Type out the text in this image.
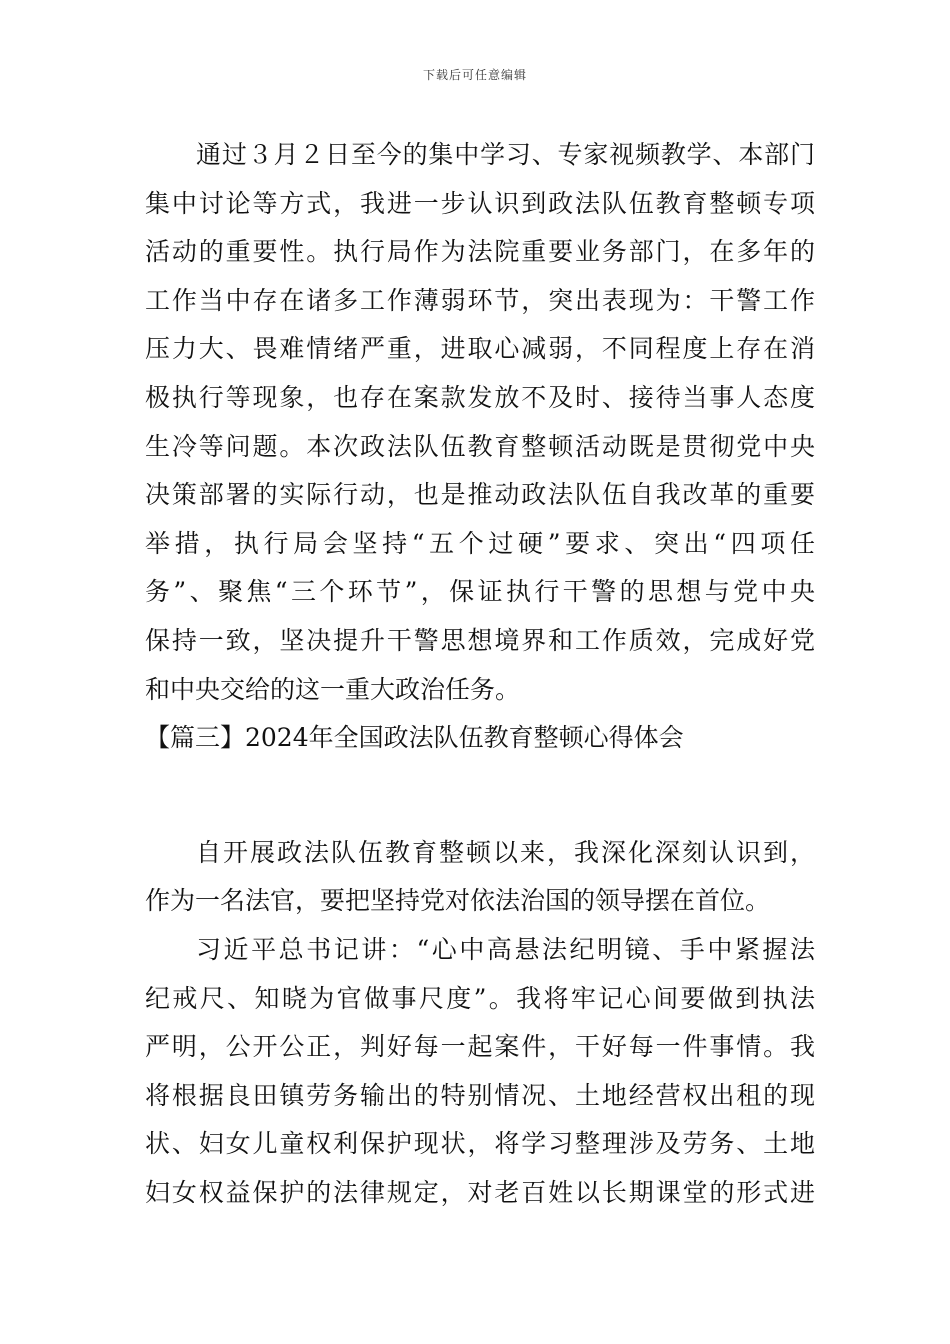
下载后可任意编辑
通过３月２日至今的集中学习、专家视频教学、本部门
集中讨论等方式，我进一步认识到政法队伍教育整顿专项
活动的重要性。执行局作为法院重要业务部门，在多年的
工作当中存在诸多工作薄弱环节，突出表现为：干警工作
压力大、畏难情绪严重，进取心减弱，不同程度上存在消
极执行等现象，也存在案款发放不及时、接待当事人态度
生冷等问题。本次政法队伍教育整顿活动既是贯彻党中央
决策部署的实际行动，也是推动政法队伍自我改革的重要
举措，执行局会坚持“五个过硬”要求、突出“四项任
务”、聚焦“三个环节”，保证执行干警的思想与党中央
保持一致，坚决提升干警思想境界和工作质效，完成好党
和中央交给的这一重大政治任务。
【篇三】2024年全国政法队伍教育整顿心得体会
自开展政法队伍教育整顿以来，我深化深刻认识到，
作为一名法官，要把坚持党对依法治国的领导摆在首位。
习近平总书记讲：“心中高悬法纪明镜、手中紧握法
纪戒尺、知晓为官做事尺度”。我将牢记心间要做到执法
严明，公开公正，判好每一起案件，干好每一件事情。我
将根据良田镇劳务输出的特别情况、土地经营权出租的现
状、妇女儿童权利保护现状，将学习整理涉及劳务、土地
妇女权益保护的法律规定，对老百姓以长期课堂的形式进
